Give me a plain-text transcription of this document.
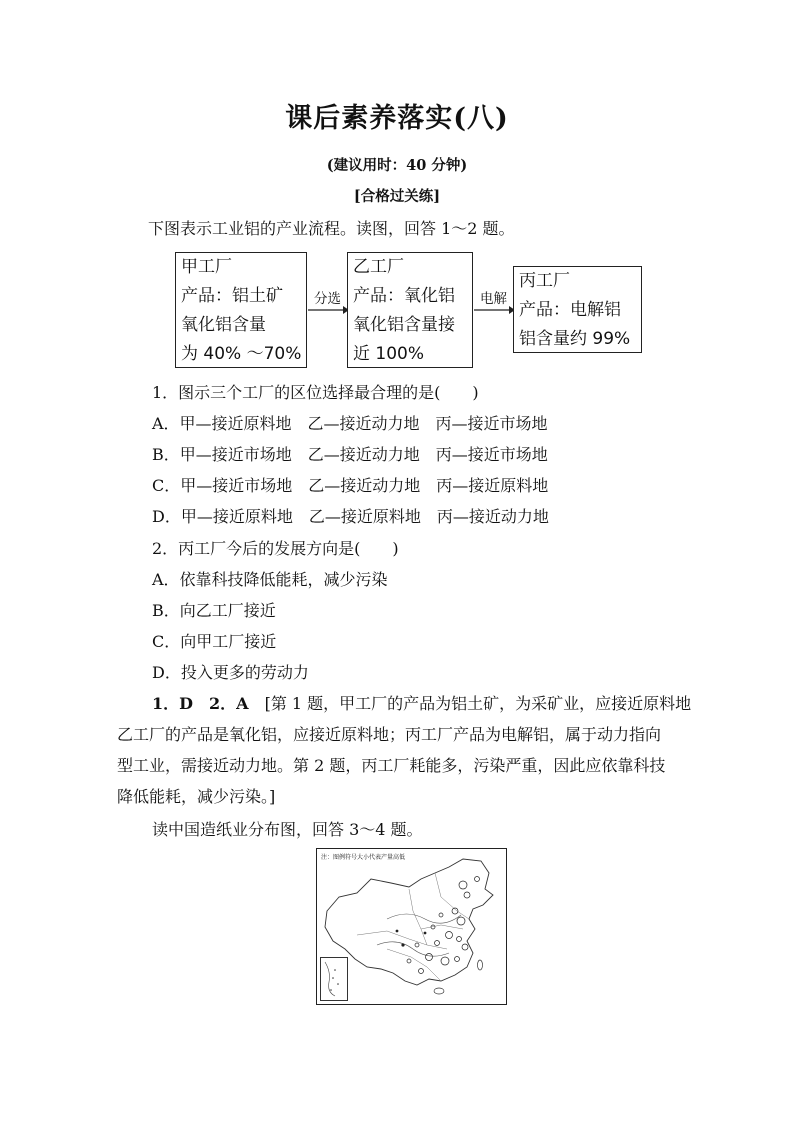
课后素养落实(八)
(建议用时：40 分钟)
[合格过关练]
下图表示工业铝的产业流程。读图，回答 1～2 题。
甲工厂
产品：铝土矿
氧化铝含量
为 40% ～70%
分选
乙工厂
产品：氧化铝
氧化铝含量接
近 100%
电解
丙工厂
产品：电解铝
铝含量约 99%
1．图示三个工厂的区位选择最合理的是(　　)
A．甲—接近原料地　乙—接近动力地　丙—接近市场地
B．甲—接近市场地　乙—接近动力地　丙—接近市场地
C．甲—接近市场地　乙—接近动力地　丙—接近原料地
D．甲—接近原料地　乙—接近原料地　丙—接近动力地
2．丙工厂今后的发展方向是(　　)
A．依靠科技降低能耗，减少污染
B．向乙工厂接近
C．向甲工厂接近
D．投入更多的劳动力
1．D　2．A　 [第 1 题，甲工厂的产品为铝土矿，为采矿业，应接近原料地
乙工厂的产品是氧化铝，应接近原料地；丙工厂产品为电解铝，属于动力指向
型工业，需接近动力地。第 2 题，丙工厂耗能多，污染严重，因此应依靠科技
降低能耗，减少污染。]
读中国造纸业分布图，回答 3～4 题。
注：图例符号大小代表产量高低
